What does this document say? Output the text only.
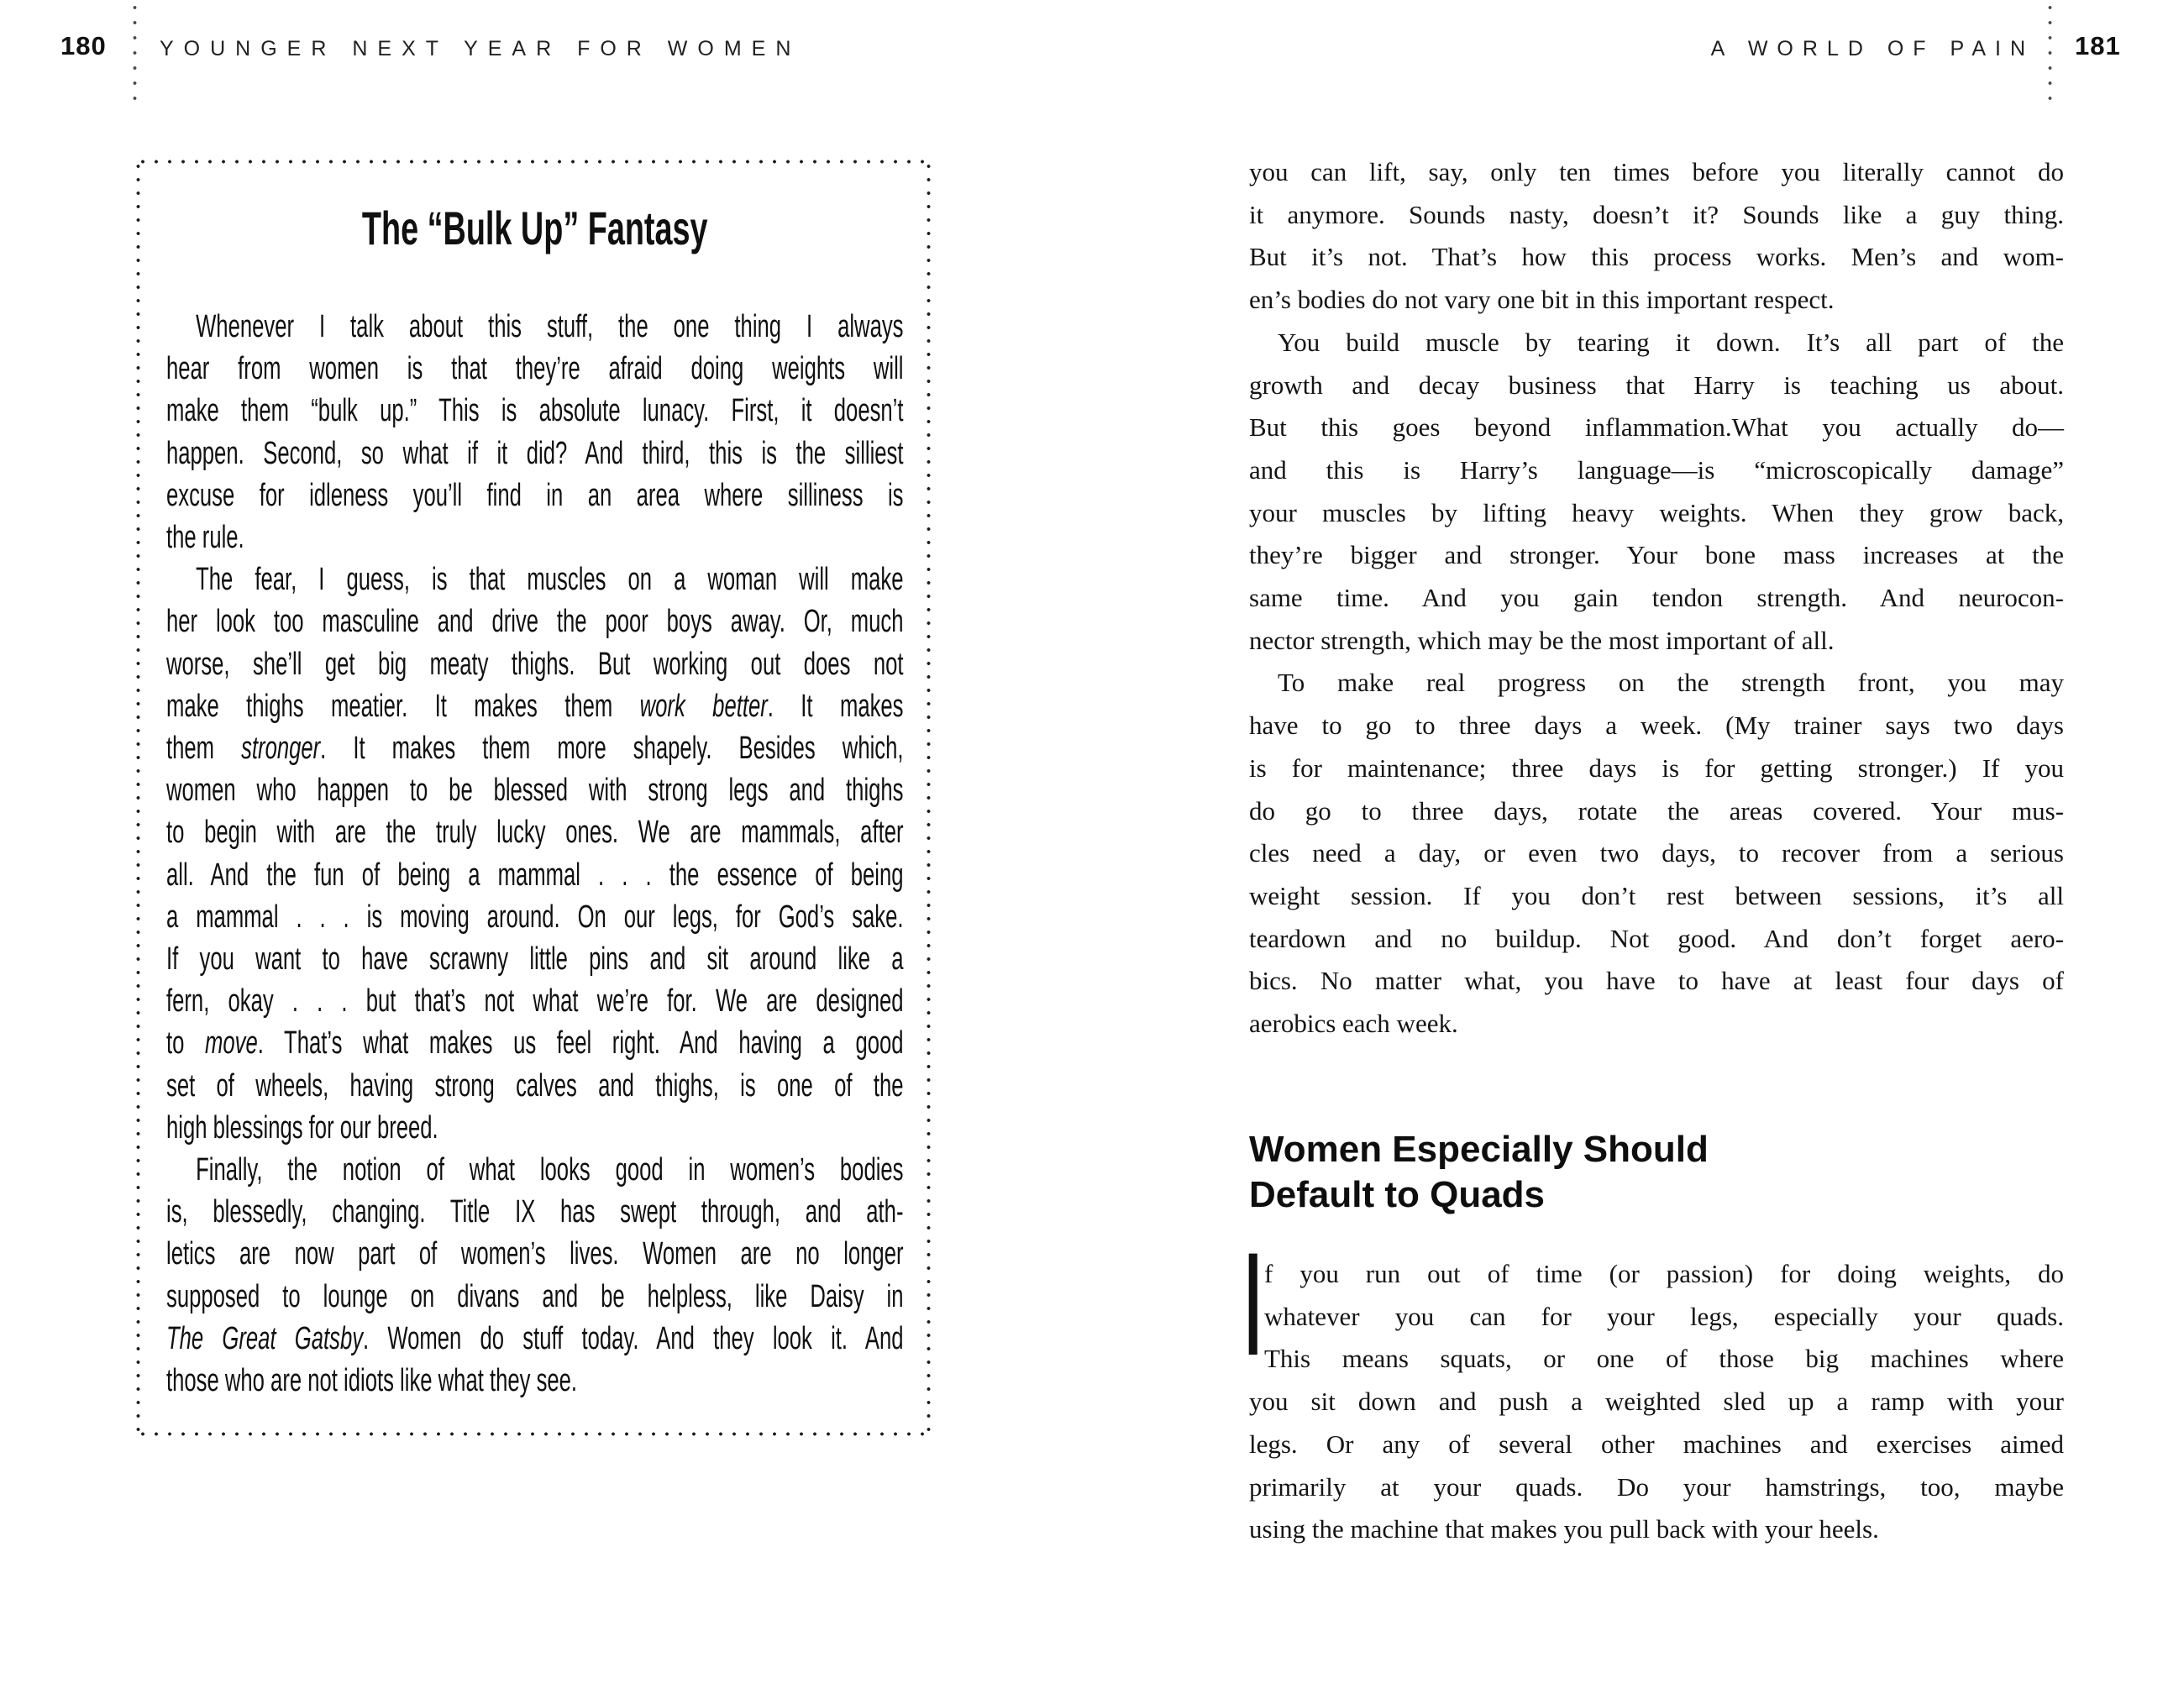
180	YOUNGER NEXT YEAR FOR WOMEN	A WORLD OF PAIN 181
The “Bulk Up” Fantasy
Whenever I talk about this stuff, the one thing I always
hear from women is that they’re afraid doing weights will
make them “bulk up.” This is absolute lunacy. First, it doesn’t
happen. Second, so what if it did? And third, this is the silliest
excuse for idleness you’ll find in an area where silliness is
the rule.
The fear, I guess, is that muscles on a woman will make
her look too masculine and drive the poor boys away. Or, much
worse, she’ll get big meaty thighs. But working out does not
make thighs meatier. It makes them work better. It makes
them stronger. It makes them more shapely. Besides which,
women who happen to be blessed with strong legs and thighs
to begin with are the truly lucky ones. We are mammals, after
all. And the fun of being a mammal . . . the essence of being
a mammal . . . is moving around. On our legs, for God’s sake.
If you want to have scrawny little pins and sit around like a
fern, okay . . . but that’s not what we’re for. We are designed
to move. That’s what makes us feel right. And having a good
set of wheels, having strong calves and thighs, is one of the
high blessings for our breed.
Finally, the notion of what looks good in women’s bodies
is, blessedly, changing. Title IX has swept through, and ath-
letics are now part of women’s lives. Women are no longer
supposed to lounge on divans and be helpless, like Daisy in
The Great Gatsby. Women do stuff today. And they look it. And
those who are not idiots like what they see.
you can lift, say, only ten times before you literally cannot do
it anymore. Sounds nasty, doesn’t it? Sounds like a guy thing.
But it’s not. That’s how this process works. Men’s and wom-
en’s bodies do not vary one bit in this important respect.
You build muscle by tearing it down. It’s all part of the
growth and decay business that Harry is teaching us about.
But this goes beyond inflammation.What you actually do—
and this is Harry’s language—is “microscopically damage”
your muscles by lifting heavy weights. When they grow back,
they’re bigger and stronger. Your bone mass increases at the
same time. And you gain tendon strength. And neurocon-
nector strength, which may be the most important of all.
To make real progress on the strength front, you may
have to go to three days a week. (My trainer says two days
is for maintenance; three days is for getting stronger.) If you
do go to three days, rotate the areas covered. Your mus-
cles need a day, or even two days, to recover from a serious
weight session. If you don’t rest between sessions, it’s all
teardown and no buildup. Not good. And don’t forget aero-
bics. No matter what, you have to have at least four days of
aerobics each week.
Women Especially Should
Default to Quads
I f you run out of time (or passion) for doing weights, do
whatever you can for your legs, especially your quads.
This means squats, or one of those big machines where
you sit down and push a weighted sled up a ramp with your
legs. Or any of several other machines and exercises aimed
primarily at your quads. Do your hamstrings, too, maybe
using the machine that makes you pull back with your heels.
